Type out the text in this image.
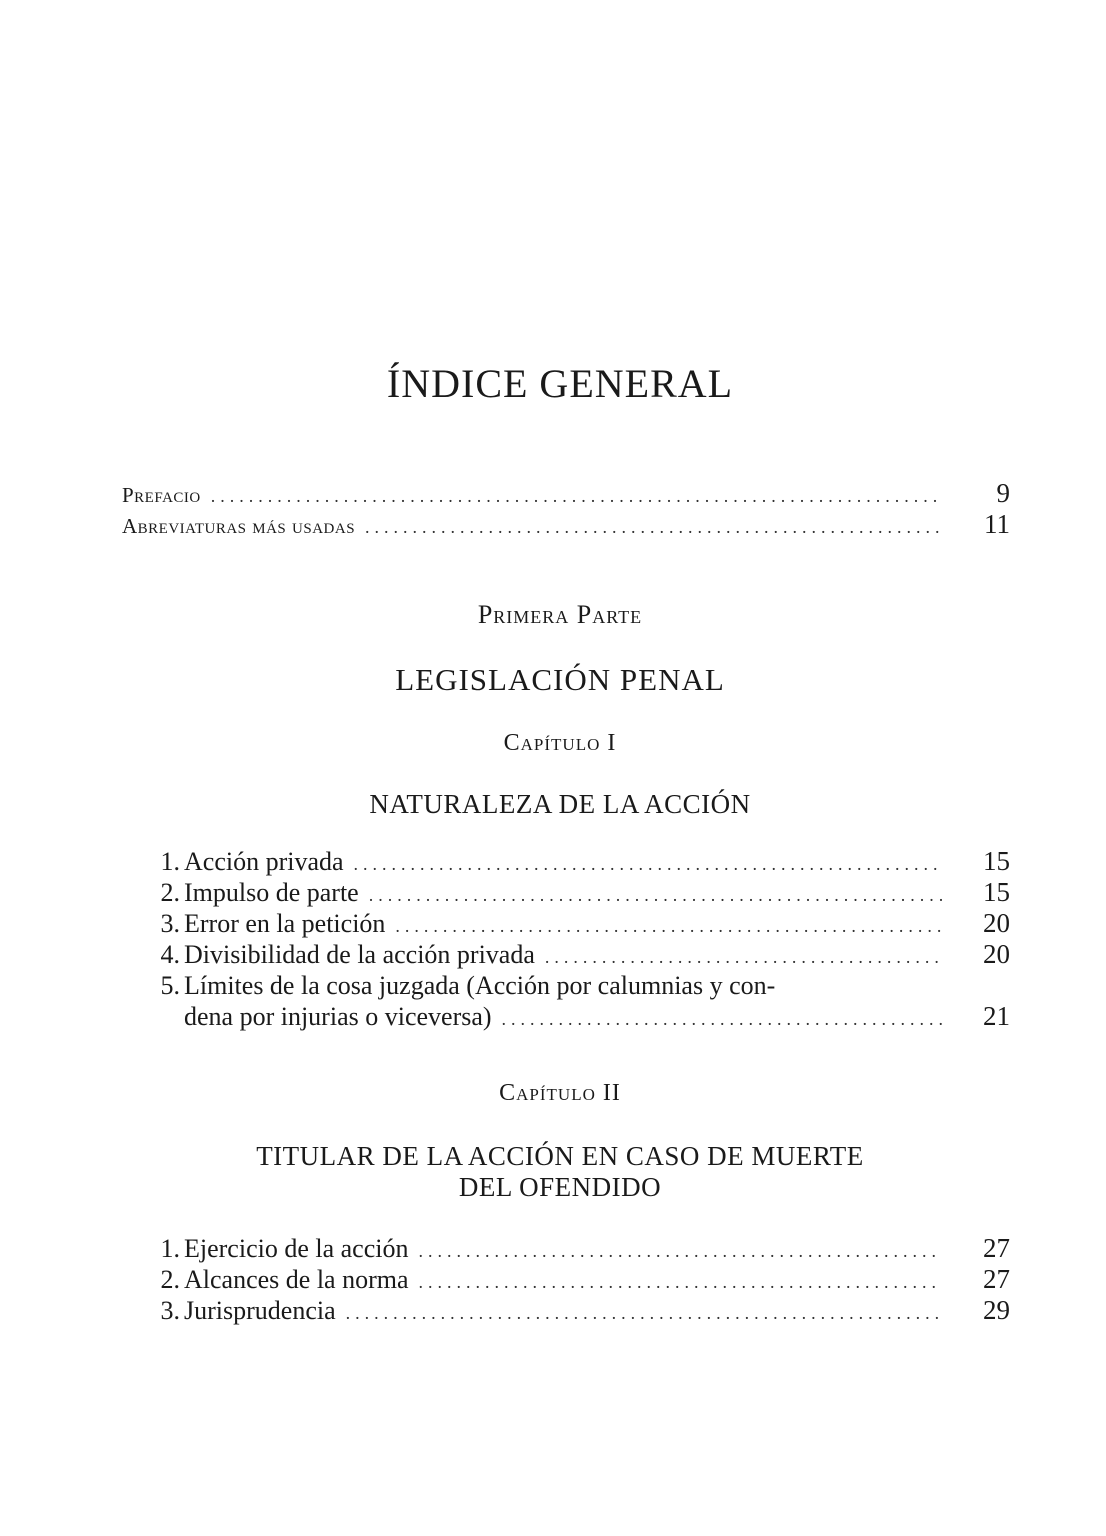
ÍNDICE GENERAL
Prefacio .....	9
Abreviaturas más usadas .....	11
Primera Parte
LEGISLACIÓN PENAL
Capítulo I
NATURALEZA DE LA ACCIÓN
1. Acción privada .....	15
2. Impulso de parte .....	15
3. Error en la petición .....	20
4. Divisibilidad de la acción privada .....	20
5. Límites de la cosa juzgada (Acción por calumnias y con-
dena por injurias o viceversa) .....	21
Capítulo II
TITULAR DE LA ACCIÓN EN CASO DE MUERTE
DEL OFENDIDO
1. Ejercicio de la acción .....	27
2. Alcances de la norma .....	27
3. Jurisprudencia .....	29
